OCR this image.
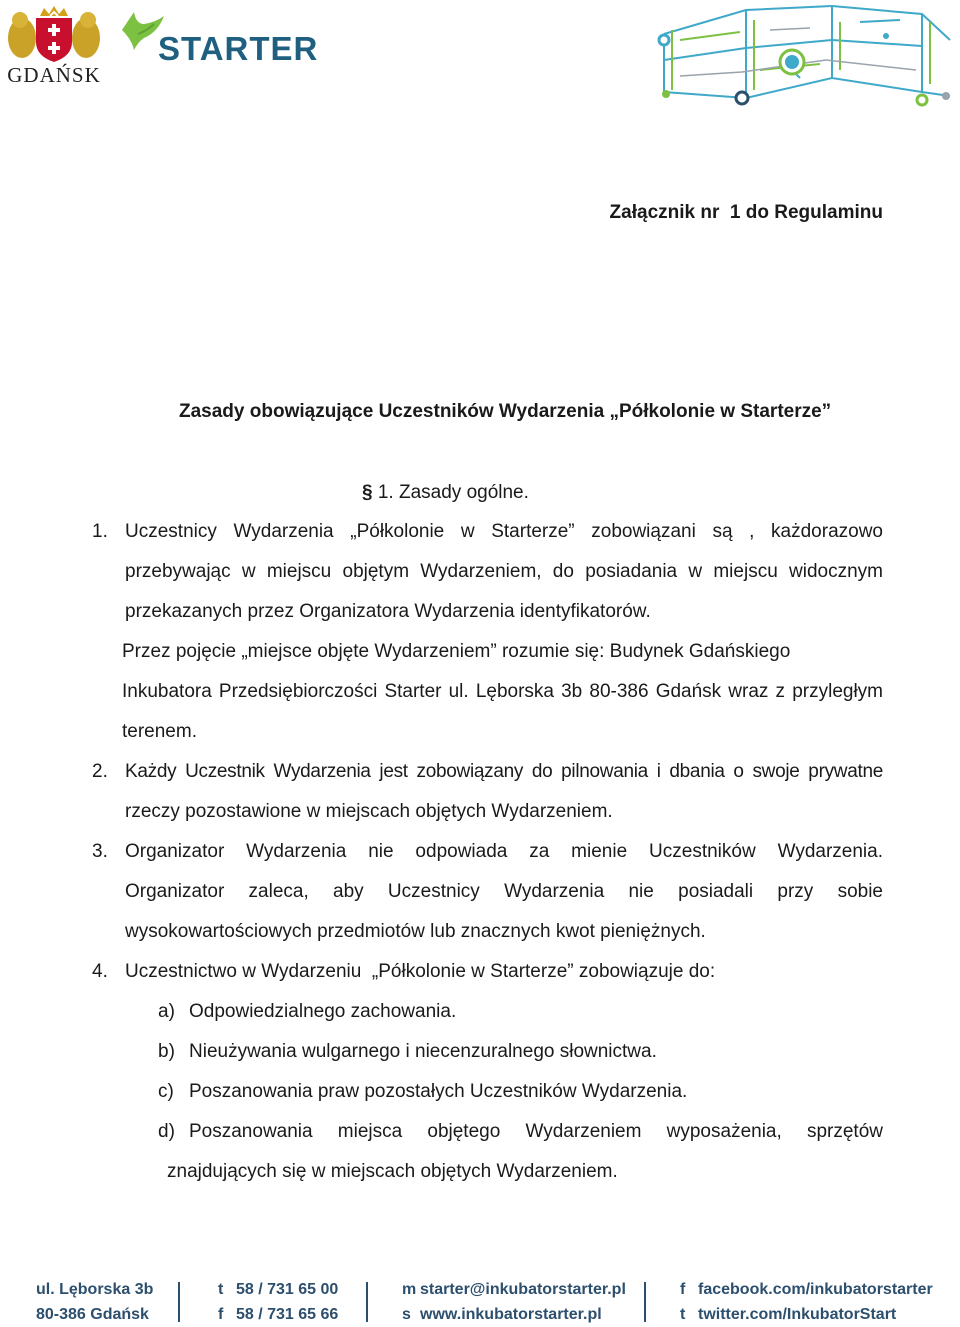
GDAŃSK
STARTER
Załącznik nr  1 do Regulaminu
Zasady obowiązujące Uczestników Wydarzenia „Półkolonie w Starterze”
§ 1. Zasady ogólne.
1. Uczestnicy Wydarzenia „Półkolonie w Starterze” zobowiązani są , każdorazowo
przebywając w miejscu objętym Wydarzeniem, do posiadania w miejscu widocznym
przekazanych przez Organizatora Wydarzenia identyfikatorów.
Przez pojęcie „miejsce objęte Wydarzeniem” rozumie się: Budynek Gdańskiego
Inkubatora Przedsiębiorczości Starter ul. Lęborska 3b 80-386 Gdańsk wraz z przyległym
terenem.
2. Każdy Uczestnik Wydarzenia jest zobowiązany do pilnowania i dbania o swoje prywatne
rzeczy pozostawione w miejscach objętych Wydarzeniem.
3. Organizator Wydarzenia nie odpowiada za mienie Uczestników Wydarzenia.
Organizator zaleca, aby Uczestnicy Wydarzenia nie posiadali przy sobie
wysokowartościowych przedmiotów lub znacznych kwot pieniężnych.
4. Uczestnictwo w Wydarzeniu  „Półkolonie w Starterze” zobowiązuje do:
a) Odpowiedzialnego zachowania.
b) Nieużywania wulgarnego i niecenzuralnego słownictwa.
c) Poszanowania praw pozostałych Uczestników Wydarzenia.
d) Poszanowania miejsca objętego Wydarzeniem wyposażenia, sprzętów
znajdujących się w miejscach objętych Wydarzeniem.
ul. Lęborska 3b
80-386 Gdańsk
t 58 / 731 65 00
f 58 / 731 65 66
m starter@inkubatorstarter.pl
s www.inkubatorstarter.pl
f facebook.com/inkubatorstarter
t twitter.com/InkubatorStart
